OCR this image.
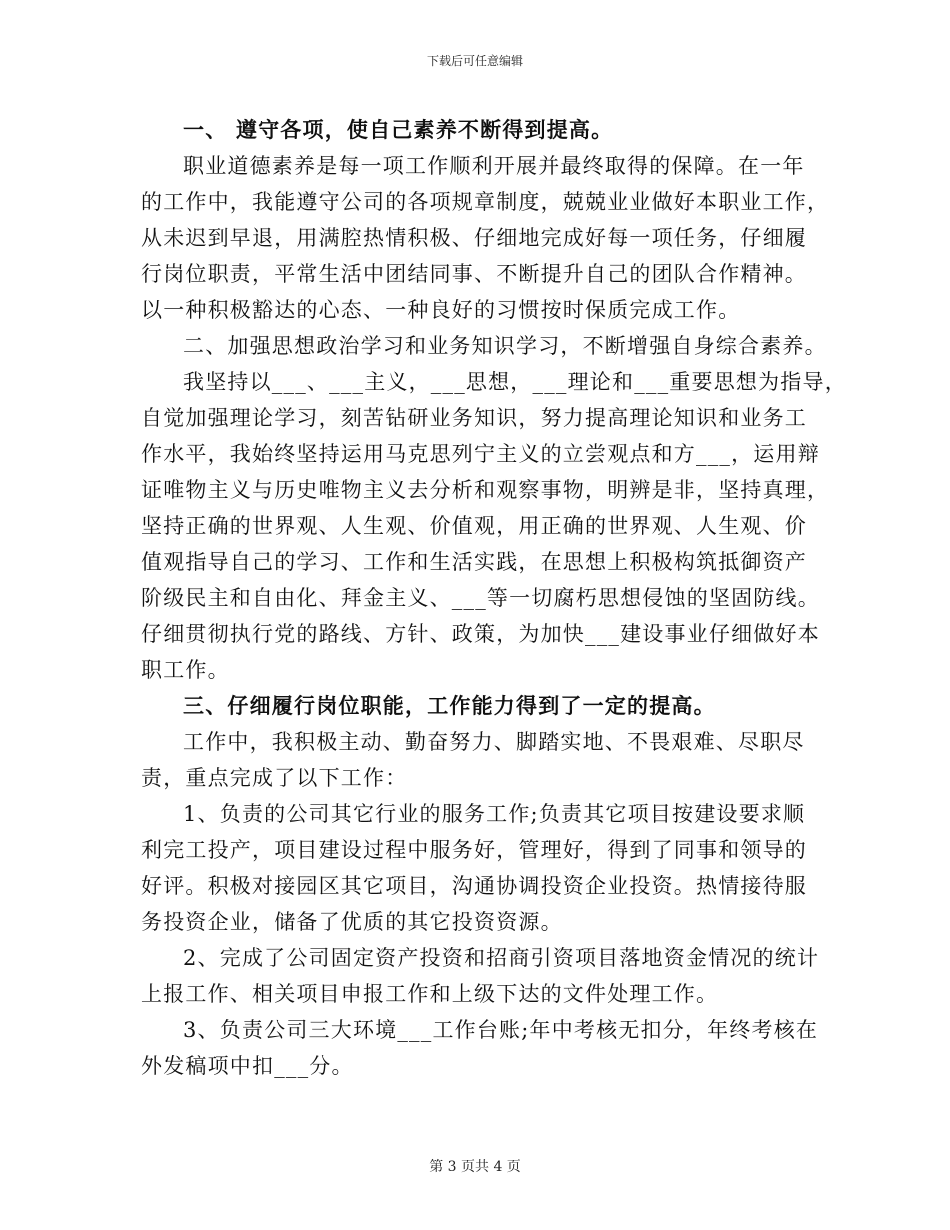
下载后可任意编辑
一、 遵守各项，使自己素养不断得到提高。
职业道德素养是每一项工作顺利开展并最终取得的保障。在一年
的工作中，我能遵守公司的各项规章制度，兢兢业业做好本职业工作，
从未迟到早退，用满腔热情积极、仔细地完成好每一项任务，仔细履
行岗位职责，平常生活中团结同事、不断提升自己的团队合作精神。
以一种积极豁达的心态、一种良好的习惯按时保质完成工作。
二、加强思想政治学习和业务知识学习，不断增强自身综合素养。
我坚持以___、___主义，___思想，___理论和___重要思想为指导，
自觉加强理论学习，刻苦钻研业务知识，努力提高理论知识和业务工
作水平，我始终坚持运用马克思列宁主义的立尝观点和方___，运用辩
证唯物主义与历史唯物主义去分析和观察事物，明辨是非，坚持真理，
坚持正确的世界观、人生观、价值观，用正确的世界观、人生观、价
值观指导自己的学习、工作和生活实践，在思想上积极构筑抵御资产
阶级民主和自由化、拜金主义、___等一切腐朽思想侵蚀的坚固防线。
仔细贯彻执行党的路线、方针、政策，为加快___建设事业仔细做好本
职工作。
三、仔细履行岗位职能，工作能力得到了一定的提高。
工作中，我积极主动、勤奋努力、脚踏实地、不畏艰难、尽职尽
责，重点完成了以下工作：
1、负责的公司其它行业的服务工作;负责其它项目按建设要求顺
利完工投产，项目建设过程中服务好，管理好，得到了同事和领导的
好评。积极对接园区其它项目，沟通协调投资企业投资。热情接待服
务投资企业，储备了优质的其它投资资源。
2、完成了公司固定资产投资和招商引资项目落地资金情况的统计
上报工作、相关项目申报工作和上级下达的文件处理工作。
3、负责公司三大环境___工作台账;年中考核无扣分，年终考核在
外发稿项中扣___分。
第 3 页共 4 页
